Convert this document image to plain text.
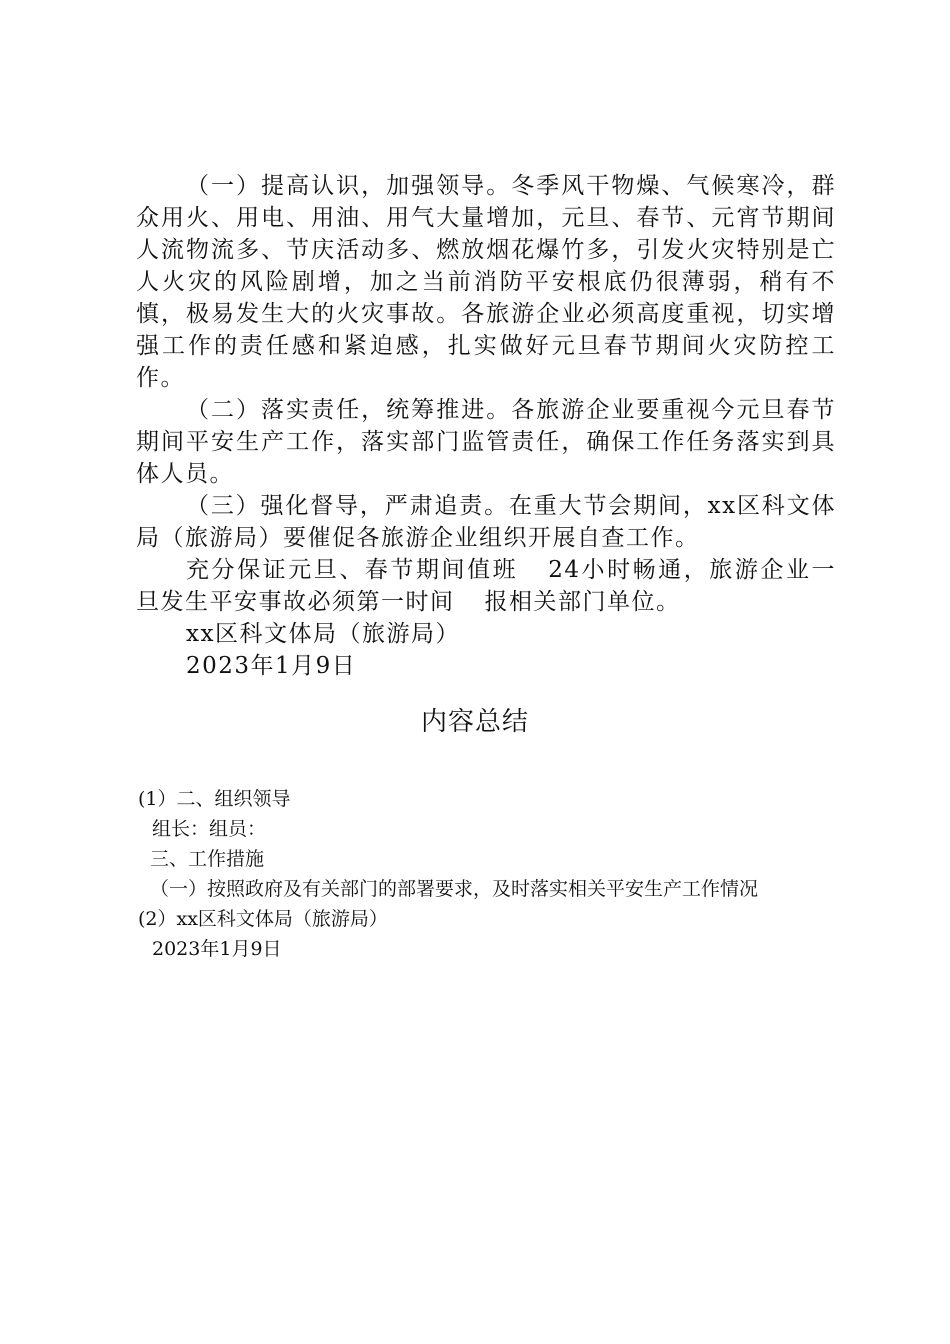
（一）提高认识，加强领导。冬季风干物燥、气候寒冷，群众用火、用电、用油、用气大量增加，元旦、春节、元宵节期间人流物流多、节庆活动多、燃放烟花爆竹多，引发火灾特别是亡人火灾的风险剧增，加之当前消防平安根底仍很薄弱，稍有不慎，极易发生大的火灾事故。各旅游企业必须高度重视，切实增强工作的责任感和紧迫感，扎实做好元旦春节期间火灾防控工作。

（二）落实责任，统筹推进。各旅游企业要重视今元旦春节期间平安生产工作，落实部门监管责任，确保工作任务落实到具体人员。

（三）强化督导，严肃追责。在重大节会期间，xx区科文体局（旅游局）要催促各旅游企业组织开展自查工作。

充分保证元旦、春节期间值班 24小时畅通，旅游企业一旦发生平安事故必须第一时间 报相关部门单位。

xx区科文体局（旅游局）

2023年1月9日

内容总结

(1）二、组织领导

组长：组员：

三、工作措施

（一）按照政府及有关部门的部署要求，及时落实相关平安生产工作情况

(2）xx区科文体局（旅游局）

2023年1月9日
